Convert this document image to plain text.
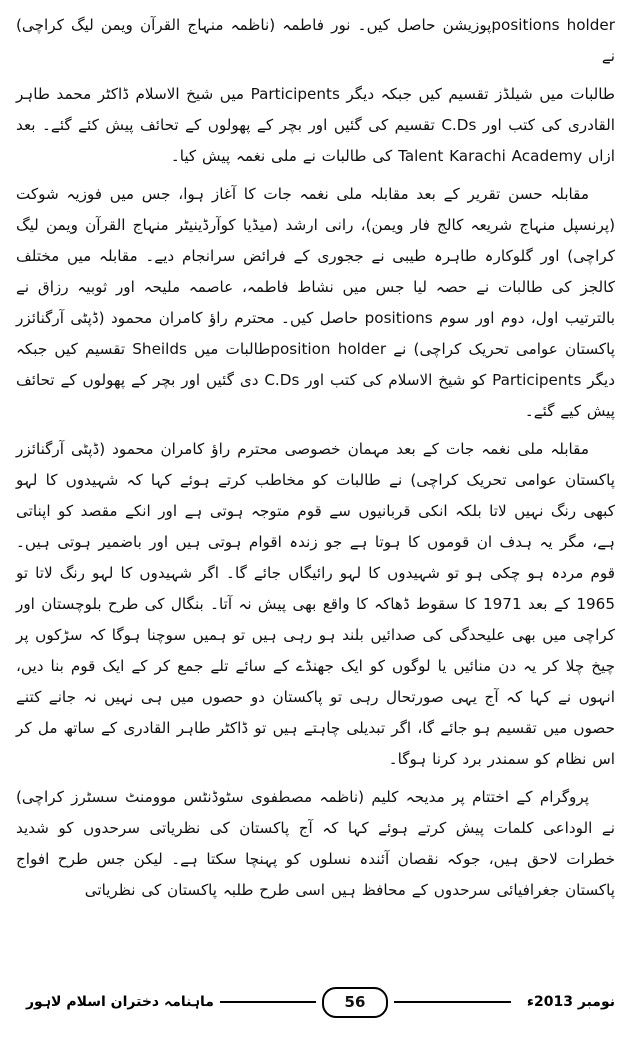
positions holderپوزیشن حاصل کیں۔ نور فاطمہ (ناظمہ منہاج القرآن ویمن لیگ کراچی) نے

طالبات میں شیلڈز تقسیم کیں جبکہ دیگر Participents میں شیخ الاسلام ڈاکٹر محمد طاہر القادری کی کتب اور C.Ds تقسیم کی گئیں اور بچر کے پھولوں کے تحائف پیش کئے گئے۔ بعد ازاں Talent Karachi Academy کی طالبات نے ملی نغمہ پیش کیا۔

مقابلہ حسن تقریر کے بعد مقابلہ ملی نغمہ جات کا آغاز ہوا، جس میں فوزیہ شوکت (پرنسپل منہاج شریعہ کالج فار ویمن)، رانی ارشد (میڈیا کوآرڈینیٹر منہاج القرآن ویمن لیگ کراچی) اور گلوکارہ طاہرہ طیبی نے ججوری کے فرائض سرانجام دیے۔ مقابلہ میں مختلف کالجز کی طالبات نے حصہ لیا جس میں نشاط فاطمہ، عاصمہ ملیحہ اور ثوبیہ رزاق نے بالترتیب اول، دوم اور سوم positions حاصل کیں۔ محترم راؤ کامران محمود (ڈپٹی آرگنائزر پاکستان عوامی تحریک کراچی) نے position holderطالبات میں Sheilds تقسیم کیں جبکہ دیگر Participents کو شیخ الاسلام کی کتب اور C.Ds دی گئیں اور بچر کے پھولوں کے تحائف پیش کیے گئے۔

مقابلہ ملی نغمہ جات کے بعد مہمان خصوصی محترم راؤ کامران محمود (ڈپٹی آرگنائزر پاکستان عوامی تحریک کراچی) نے طالبات کو مخاطب کرتے ہوئے کہا کہ شہیدوں کا لہو کبھی رنگ نہیں لاتا بلکہ انکی قربانیوں سے قوم متوجہ ہوتی ہے اور انکے مقصد کو اپناتی ہے، مگر یہ ہدف ان قوموں کا ہوتا ہے جو زندہ اقوام ہوتی ہیں اور باضمیر ہوتی ہیں۔ قوم مردہ ہو چکی ہو تو شہیدوں کا لہو رائیگاں جائے گا۔ اگر شہیدوں کا لہو رنگ لاتا تو 1965 کے بعد 1971 کا سقوط ڈھاکہ کا واقع بھی پیش نہ آتا۔ بنگال کی طرح بلوچستان اور کراچی میں بھی علیحدگی کی صدائیں بلند ہو رہی ہیں تو ہمیں سوچنا ہوگا کہ سڑکوں پر چیخ چلا کر یہ دن منائیں یا لوگوں کو ایک جھنڈے کے سائے تلے جمع کر کے ایک قوم بنا دیں، انہوں نے کہا کہ آج یہی صورتحال رہی تو پاکستان دو حصوں میں ہی نہیں نہ جانے کتنے حصوں میں تقسیم ہو جائے گا، اگر تبدیلی چاہتے ہیں تو ڈاکٹر طاہر القادری کے ساتھ مل کر اس نظام کو سمندر برد کرنا ہوگا۔

پروگرام کے اختتام پر مدیحہ کلیم (ناظمہ مصطفوی سٹوڈنٹس موومنٹ سسٹرز کراچی) نے الوداعی کلمات پیش کرتے ہوئے کہا کہ آج پاکستان کی نظریاتی سرحدوں کو شدید خطرات لاحق ہیں، جوکہ نقصان آئندہ نسلوں کو پہنچا سکتا ہے۔ لیکن جس طرح افواج پاکستان جغرافیائی سرحدوں کے محافظ ہیں اسی طرح طلبہ پاکستان کی نظریاتی

نومبر 2013ء
56
ماہنامہ دختران اسلام لاہور
